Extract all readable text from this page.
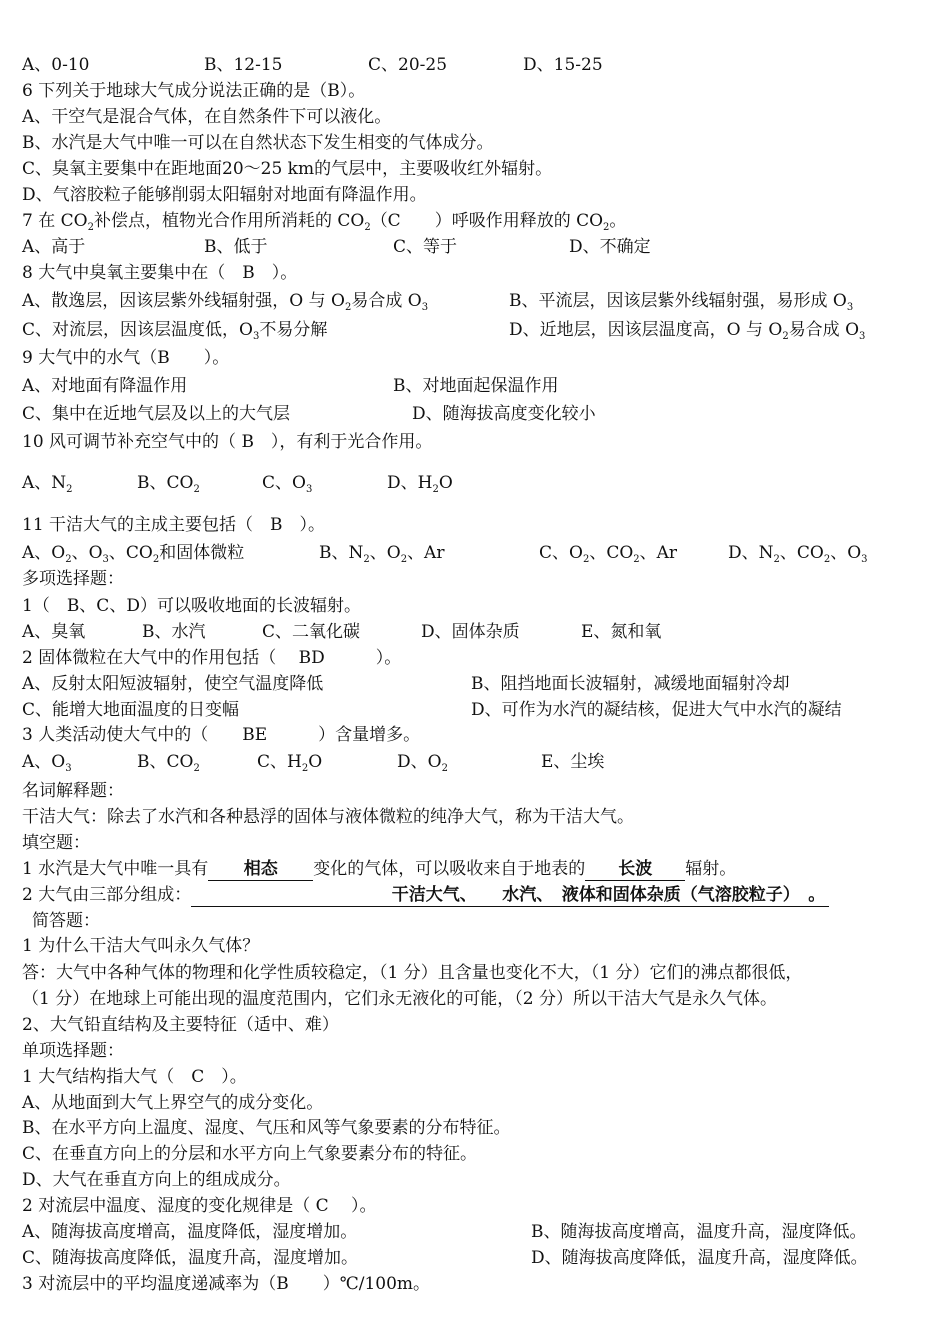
A、0-10	B、12-15	C、20-25	D、15-25
6 下列关于地球大气成分说法正确的是（B）。
A、干空气是混合气体，在自然条件下可以液化。
B、水汽是大气中唯一可以在自然状态下发生相变的气体成分。
C、臭氧主要集中在距地面20～25 km的气层中，主要吸收红外辐射。
D、气溶胶粒子能够削弱太阳辐射对地面有降温作用。
7 在 $CO_2$补偿点，植物光合作用所消耗的 $CO_2(C$　　）呼吸作用释放的 $CO_2$。
A、高于	B、低于	C、等于	D、不确定
8 大气中臭氧主要集中在（　B　）。
A、散逸层，因该层紫外线辐射强，O 与 $O_2$易合成 $O_3$	B、平流层，因该层紫外线辐射强，易形成 $O_3$
C、对流层，因该层温度低，$O_3$不易分解	D、近地层，因该层温度高，O 与 $O_2$易合成 $O_3$
9 大气中的水气（B　　）。
A、对地面有降温作用	B、对地面起保温作用
C、集中在近地气层及以上的大气层	D、随海拔高度变化较小
10 风可调节补充空气中的（ B　），有利于光合作用。
A、$N_2$	B、$CO_2$	C、$O_3$	D、$H_2O$
11 干洁大气的主成主要包括（　B　）。
A、$O_2$、$O_3$、$CO_2$和固体微粒	B、$N_2$、$O_2$、Ar	C、$O_2$、$CO_2$、Ar	D、$N_2$、$CO_2$、$O_3$
多项选择题：
1（　B、C、D）可以吸收地面的长波辐射。
A、臭氧	B、水汽	C、二氧化碳	D、固体杂质	E、氮和氧
2 固体微粒在大气中的作用包括（　 BD　　　）。
A、反射太阳短波辐射，使空气温度降低	B、阻挡地面长波辐射，减缓地面辐射冷却
C、能增大地面温度的日变幅	D、可作为水汽的凝结核，促进大气中水汽的凝结
3 人类活动使大气中的（　　BE　　　）含量增多。
A、$O_3$	B、$CO_2$	C、$H_2O$	D、$O_2$	E、尘埃
名词解释题：
干洁大气：除去了水汽和各种悬浮的固体与液体微粒的纯净大气，称为干洁大气。
填空题：
1 水汽是大气中唯一具有 相态 变化的气体，可以吸收来自于地表的 长波 辐射。
2 大气由三部分组成：	干洁大气、　　水汽、　液体和固体杂质（气溶胶粒子）　。
简答题：
1 为什么干洁大气叫永久气体？
答：大气中各种气体的物理和化学性质较稳定，（1 分）且含量也变化不大，（1 分）它们的沸点都很低，
（1 分）在地球上可能出现的温度范围内，它们永无液化的可能，（2 分）所以干洁大气是永久气体。
2、大气铅直结构及主要特征（适中、难）
单项选择题：
1 大气结构指大气（　C　）。
A、从地面到大气上界空气的成分变化。
B、在水平方向上温度、湿度、气压和风等气象要素的分布特征。
C、在垂直方向上的分层和水平方向上气象要素分布的特征。
D、大气在垂直方向上的组成成分。
2 对流层中温度、湿度的变化规律是（ C　 ）。
A、随海拔高度增高，温度降低，湿度增加。	B、随海拔高度增高，温度升高，湿度降低。
C、随海拔高度降低，温度升高，湿度增加。	D、随海拔高度降低，温度升高，湿度降低。
3 对流层中的平均温度递减率为（B　　）℃/100m。
